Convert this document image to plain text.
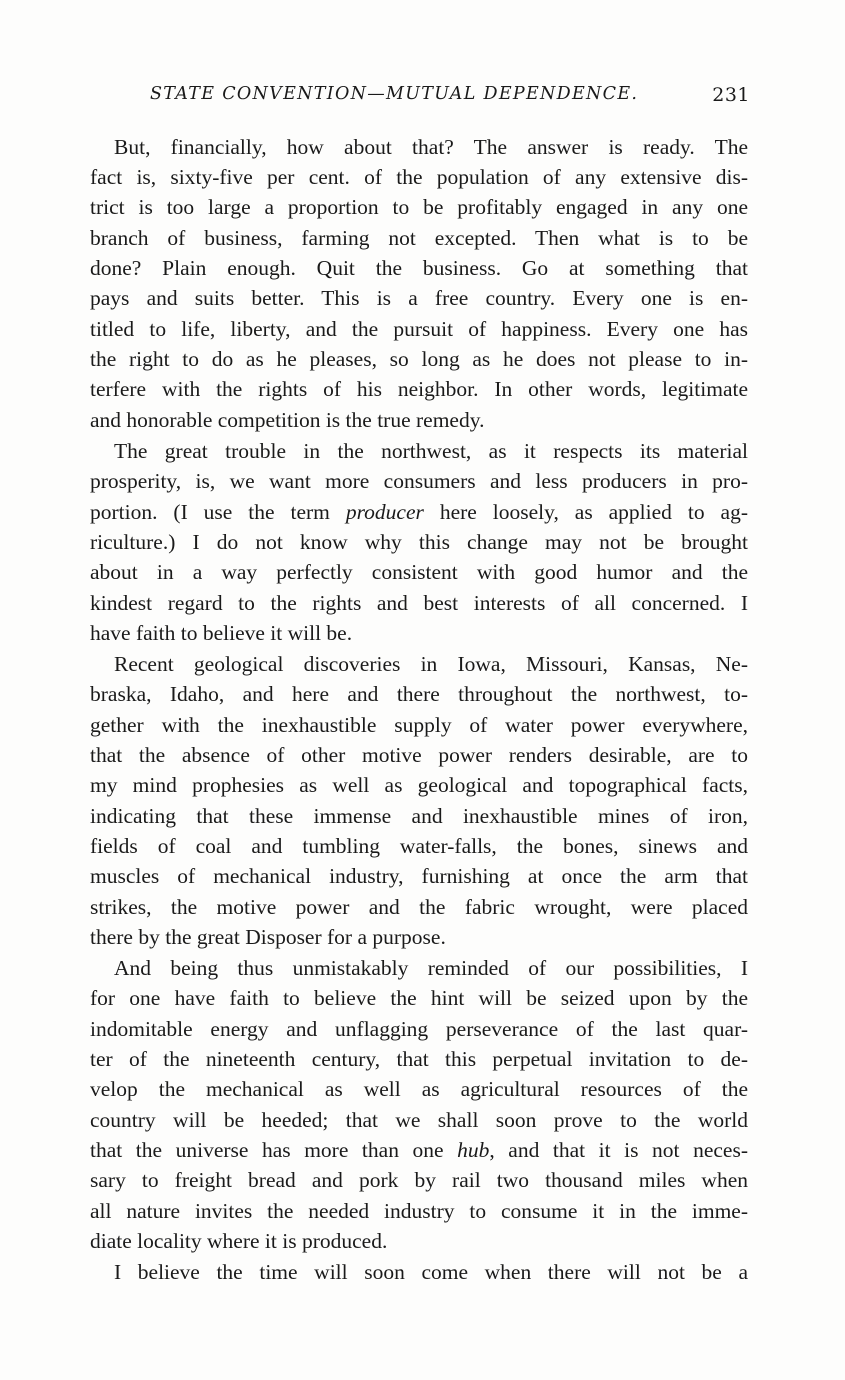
STATE CONVENTION—MUTUAL DEPENDENCE.	231
But, financially, how about that? The answer is ready. The
fact is, sixty-five per cent. of the population of any extensive dis-
trict is too large a proportion to be profitably engaged in any one
branch of business, farming not excepted. Then what is to be
done? Plain enough. Quit the business. Go at something that
pays and suits better. This is a free country. Every one is en-
titled to life, liberty, and the pursuit of happiness. Every one has
the right to do as he pleases, so long as he does not please to in-
terfere with the rights of his neighbor. In other words, legitimate
and honorable competition is the true remedy.
The great trouble in the northwest, as it respects its material
prosperity, is, we want more consumers and less producers in pro-
portion. (I use the term producer here loosely, as applied to ag-
riculture.) I do not know why this change may not be brought
about in a way perfectly consistent with good humor and the
kindest regard to the rights and best interests of all concerned. I
have faith to believe it will be.
Recent geological discoveries in Iowa, Missouri, Kansas, Ne-
braska, Idaho, and here and there throughout the northwest, to-
gether with the inexhaustible supply of water power everywhere,
that the absence of other motive power renders desirable, are to
my mind prophesies as well as geological and topographical facts,
indicating that these immense and inexhaustible mines of iron,
fields of coal and tumbling water-falls, the bones, sinews and
muscles of mechanical industry, furnishing at once the arm that
strikes, the motive power and the fabric wrought, were placed
there by the great Disposer for a purpose.
And being thus unmistakably reminded of our possibilities, I
for one have faith to believe the hint will be seized upon by the
indomitable energy and unflagging perseverance of the last quar-
ter of the nineteenth century, that this perpetual invitation to de-
velop the mechanical as well as agricultural resources of the
country will be heeded; that we shall soon prove to the world
that the universe has more than one hub, and that it is not neces-
sary to freight bread and pork by rail two thousand miles when
all nature invites the needed industry to consume it in the imme-
diate locality where it is produced.
I believe the time will soon come when there will not be a
